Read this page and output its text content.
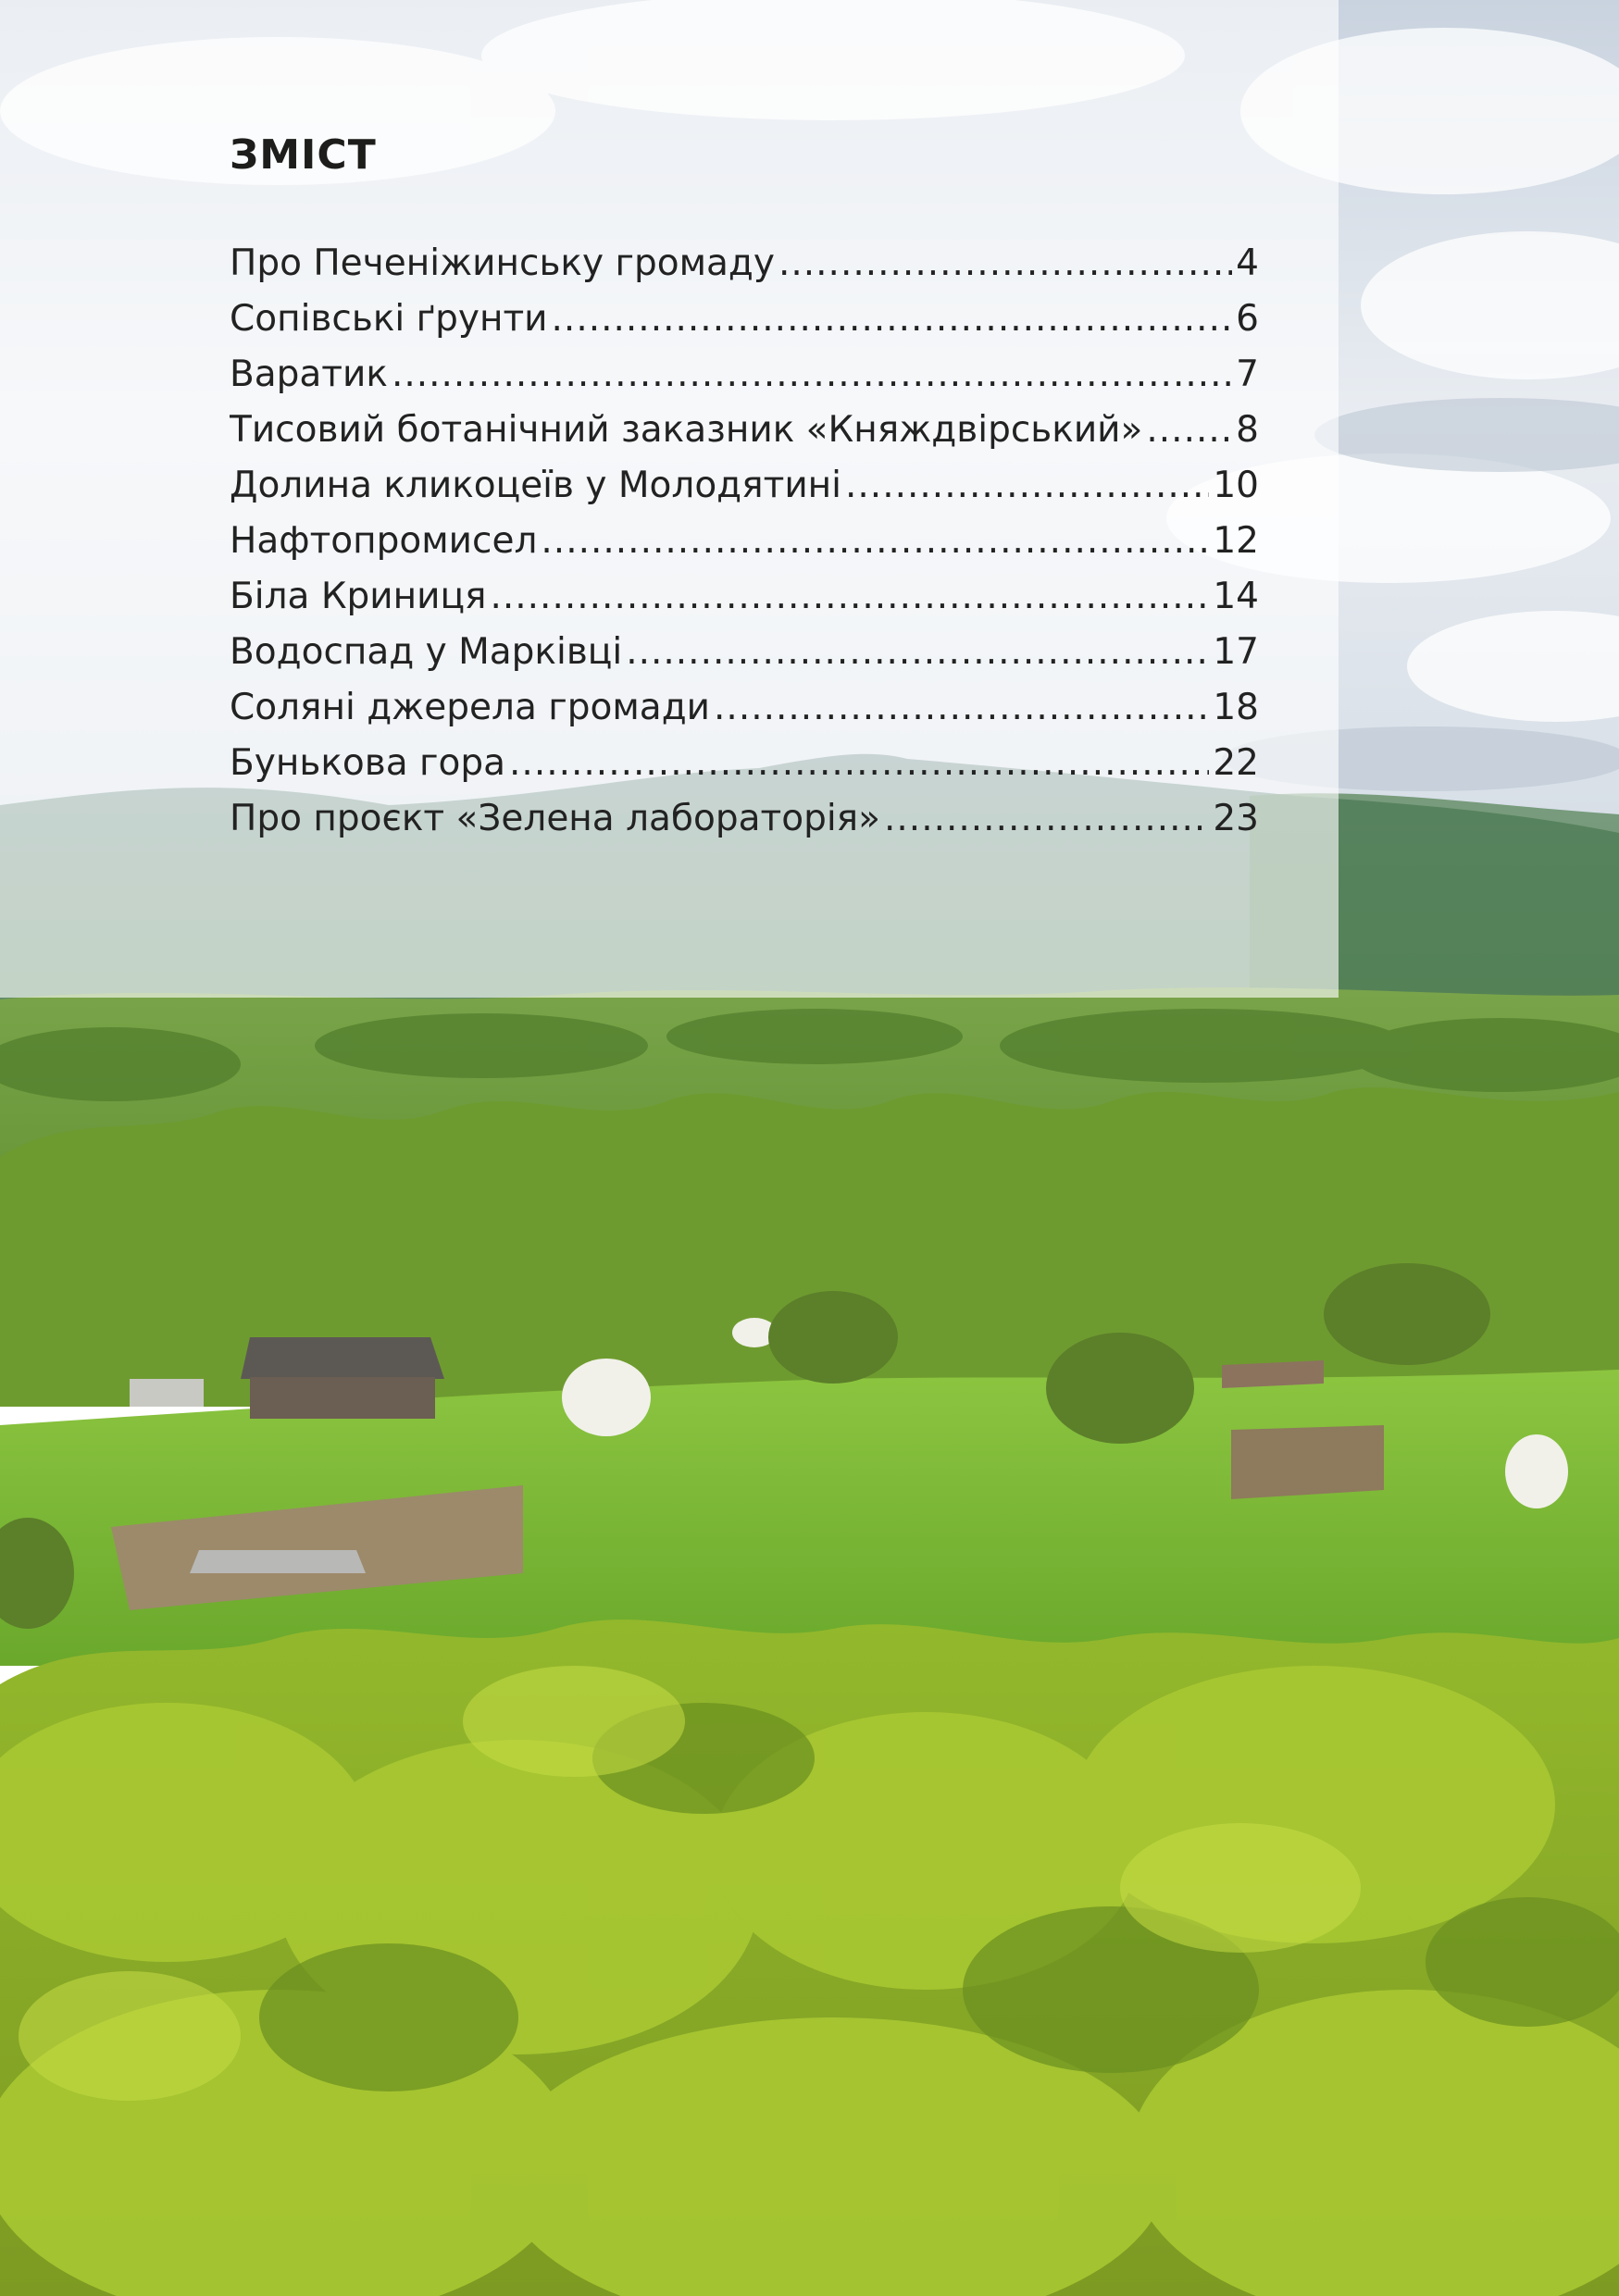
ЗМІСТ
Про Печеніжинську громаду .....	4
Сопівські ґрунти .....	6
Варатик .....	7
Тисовий ботанічний заказник «Княждвірський» .....	8
Долина кликоцеїв у Молодятині .....	10
Нафтопромисел .....	12
Біла Криниця .....	14
Водоспад у Марківці .....	17
Соляні джерела громади .....	18
Бунькова гора .....	22
Про проєкт «Зелена лабораторія» .....	23
